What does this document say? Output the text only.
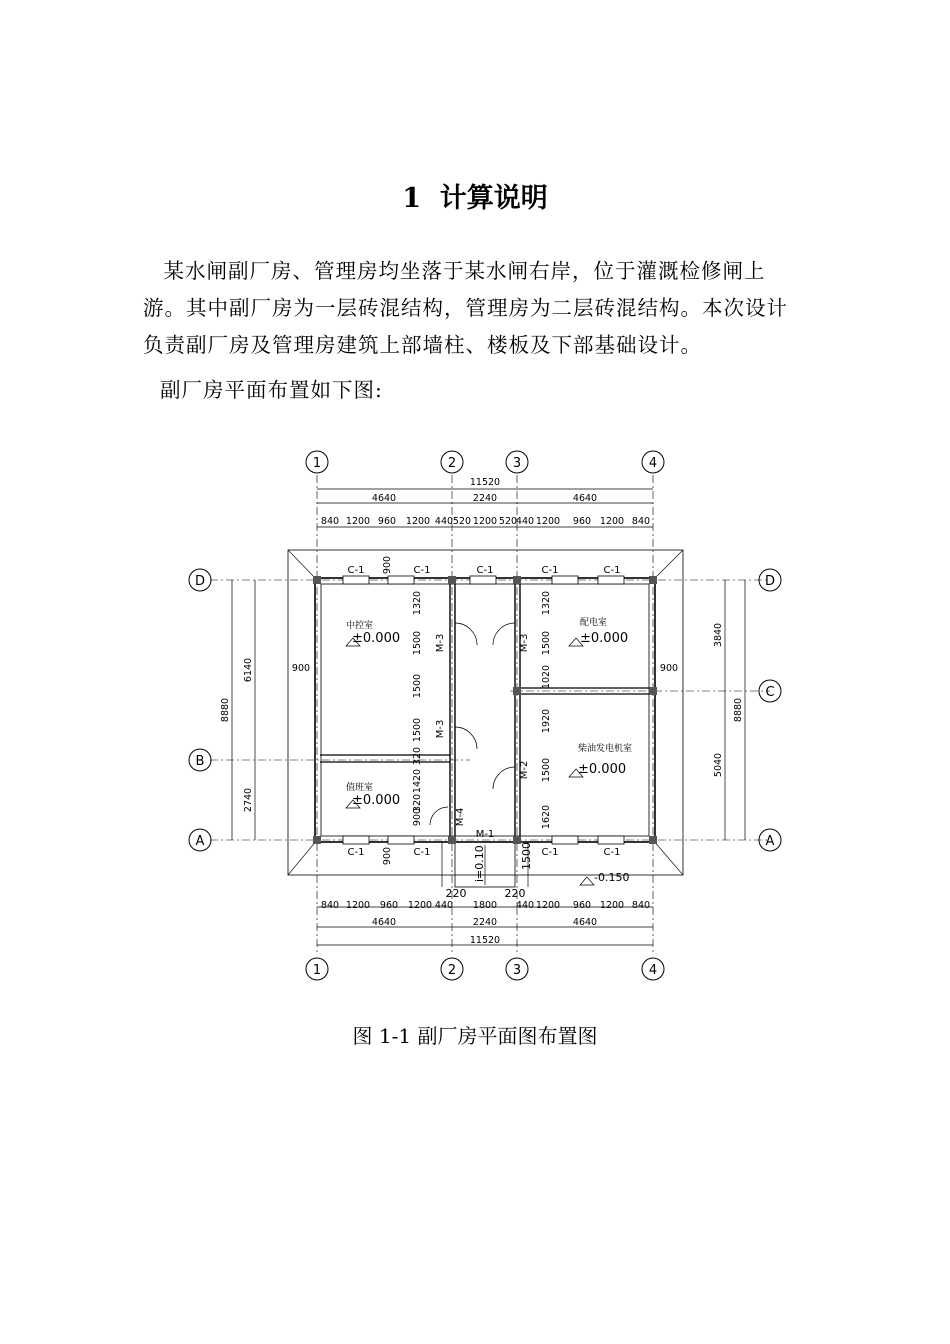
1 计算说明
某水闸副厂房、管理房均坐落于某水闸右岸，位于灌溉检修闸上游。其中副厂房为一层砖混结构，管理房为二层砖混结构。本次设计负责副厂房及管理房建筑上部墙柱、楼板及下部基础设计。
副厂房平面布置如下图:
1	2	3	4
1	2	3	4
D
B
A
D
C
A
11520
4640	2240	4640
840 1200 960 1200 440 520 1200 520
440 1200 960 1200 840
840 1200 960 1200 440 1800 440 1200 960 1200 840
4640	2240	4640
11520
8880
6140
2740
8880
3840
5040
900	900
900
900
1320
1500
1500
1500
320
1420
320
900
1320
1500
1020
1920
1500
1620
C-1	C-1	C-1	C-1	C-1
C-1	C-1	C-1	C-1
M-3	M-3
M-3
M-2
M-4
M-1
中控室	配电室
柴油发电机室
值班室
±0.000	±0.000
±0.000
±0.000
-0.150
i=0.10
220	220
1500
图 1-1 副厂房平面图布置图
